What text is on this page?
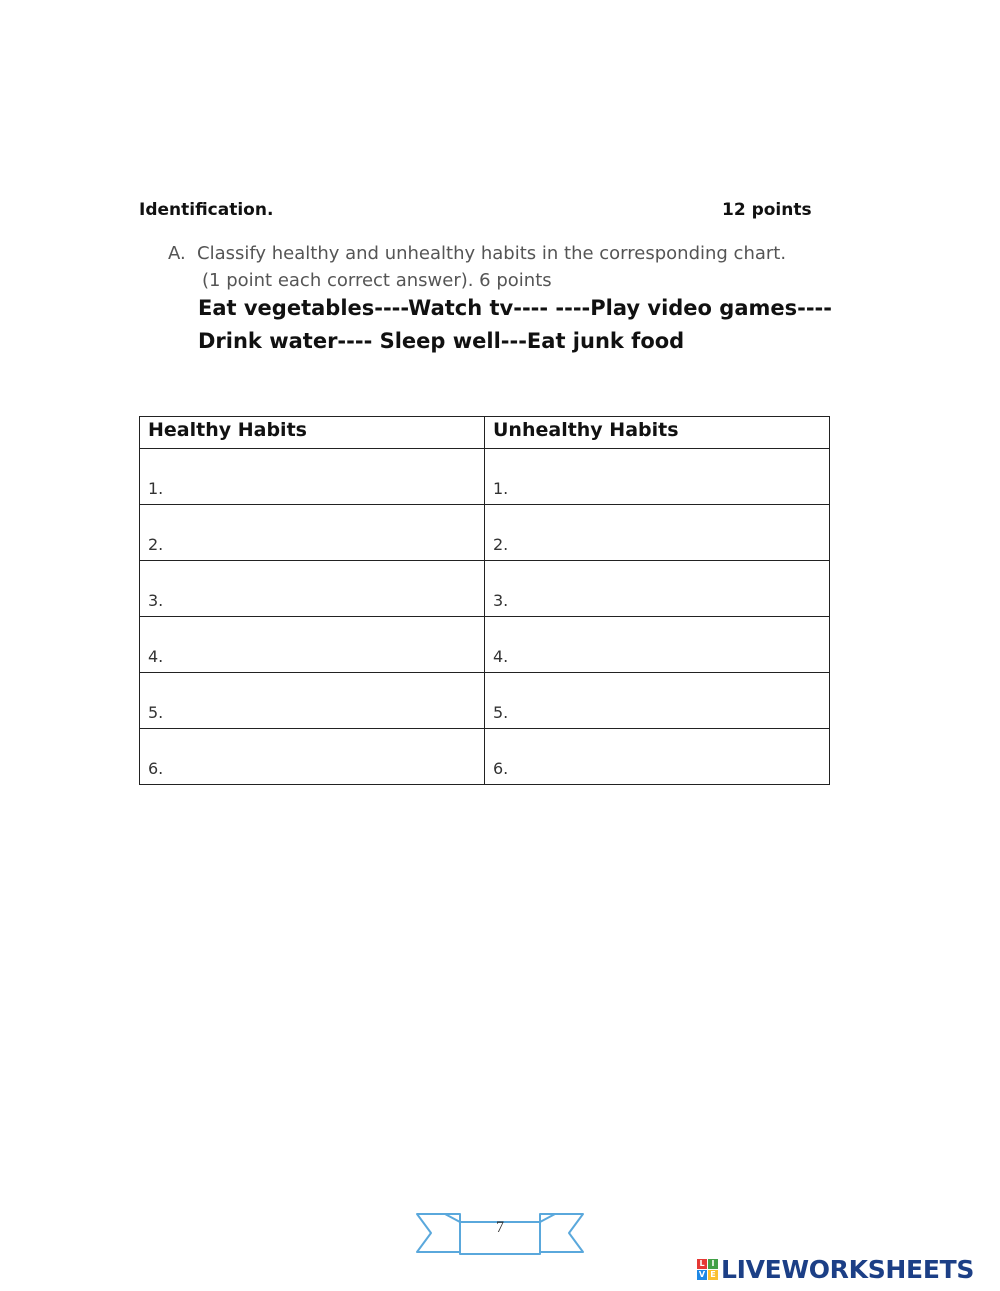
Identification.	12 points
A. Classify healthy and unhealthy habits in the corresponding chart.
(1 point each correct answer). 6 points
Eat vegetables----Watch tv---- ----Play video games----
Drink water---- Sleep well---Eat junk food
Healthy Habits	Unhealthy Habits

1.	1.

2.	2.

3.	3.

4.	4.

5.	5.

6.	6.
7
L I
V E LIVEWORKSHEETS
